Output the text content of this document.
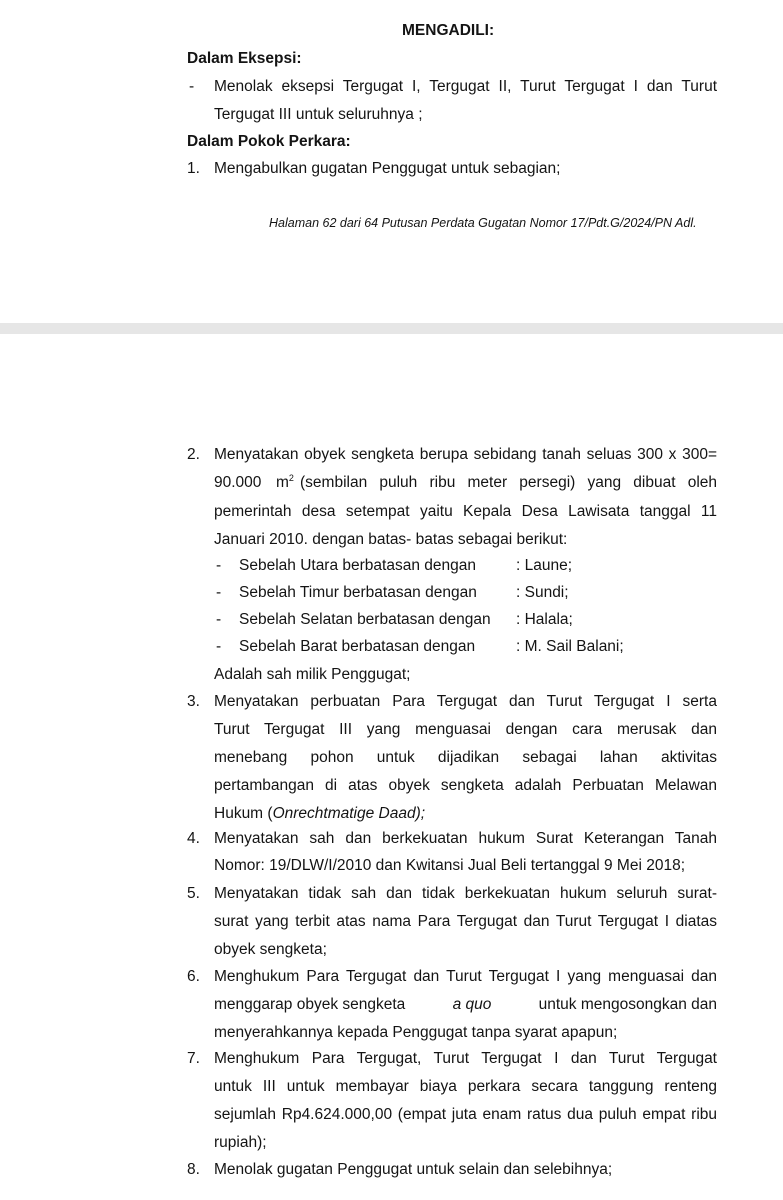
MENGADILI:
Dalam Eksepsi:
- Menolak eksepsi Tergugat I, Tergugat II, Turut Tergugat I dan Turut
Tergugat III untuk seluruhnya ;
Dalam Pokok Perkara:
1. Mengabulkan gugatan Penggugat untuk sebagian;
Halaman 62 dari 64 Putusan Perdata Gugatan Nomor 17/Pdt.G/2024/PN Adl.
2. Menyatakan obyek sengketa berupa sebidang tanah seluas 300 x 300=
90.000 $m^2$ (sembilan puluh ribu meter persegi) yang dibuat oleh
pemerintah desa setempat yaitu Kepala Desa Lawisata tanggal 11
Januari 2010. dengan batas- batas sebagai berikut:
- Sebelah Utara berbatasan dengan	: Laune;
- Sebelah Timur berbatasan dengan	: Sundi;
- Sebelah Selatan berbatasan dengan : Halala;
- Sebelah Barat berbatasan dengan	: M. Sail Balani;
Adalah sah milik Penggugat;
3. Menyatakan perbuatan Para Tergugat dan Turut Tergugat I serta
Turut Tergugat III yang menguasai dengan cara merusak dan
menebang pohon untuk dijadikan sebagai lahan aktivitas
pertambangan di atas obyek sengketa adalah Perbuatan Melawan
Hukum (Onrechtmatige Daad);
4. Menyatakan sah dan berkekuatan hukum Surat Keterangan Tanah
Nomor: 19/DLW/I/2010 dan Kwitansi Jual Beli tertanggal 9 Mei 2018;
5. Menyatakan tidak sah dan tidak berkekuatan hukum seluruh surat-
surat yang terbit atas nama Para Tergugat dan Turut Tergugat I diatas
obyek sengketa;
6. Menghukum Para Tergugat dan Turut Tergugat I yang menguasai dan
menggarap obyek sengketa	a quo	untuk mengosongkan dan
menyerahkannya kepada Penggugat tanpa syarat apapun;
7. Menghukum Para Tergugat, Turut Tergugat I dan Turut Tergugat
untuk III untuk membayar biaya perkara secara tanggung renteng
sejumlah Rp4.624.000,00 (empat juta enam ratus dua puluh empat ribu
rupiah);
8. Menolak gugatan Penggugat untuk selain dan selebihnya;
